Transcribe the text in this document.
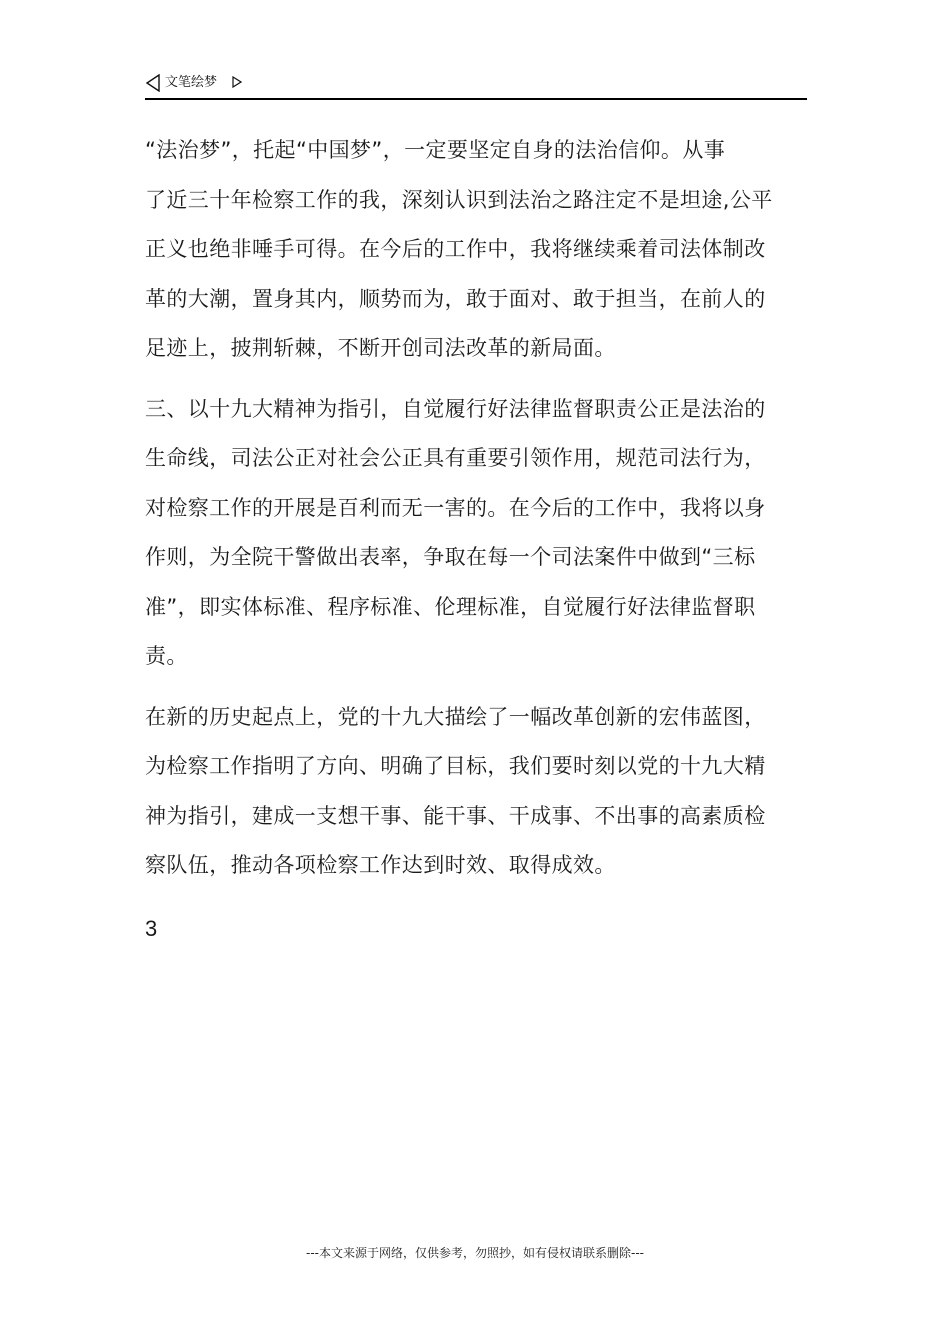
文笔绘梦

“法治梦”，托起“中国梦”，一定要坚定自身的法治信仰。从事
了近三十年检察工作的我，深刻认识到法治之路注定不是坦途,公平
正义也绝非唾手可得。在今后的工作中，我将继续乘着司法体制改
革的大潮，置身其内，顺势而为，敢于面对、敢于担当，在前人的
足迹上，披荆斩棘，不断开创司法改革的新局面。

三、以十九大精神为指引，自觉履行好法律监督职责公正是法治的
生命线，司法公正对社会公正具有重要引领作用，规范司法行为，
对检察工作的开展是百利而无一害的。在今后的工作中，我将以身
作则，为全院干警做出表率，争取在每一个司法案件中做到“三标
准”，即实体标准、程序标准、伦理标准，自觉履行好法律监督职
责。

在新的历史起点上，党的十九大描绘了一幅改革创新的宏伟蓝图，
为检察工作指明了方向、明确了目标，我们要时刻以党的十九大精
神为指引，建成一支想干事、能干事、干成事、不出事的高素质检
察队伍，推动各项检察工作达到时效、取得成效。

3
---本文来源于网络，仅供参考，勿照抄，如有侵权请联系删除---
